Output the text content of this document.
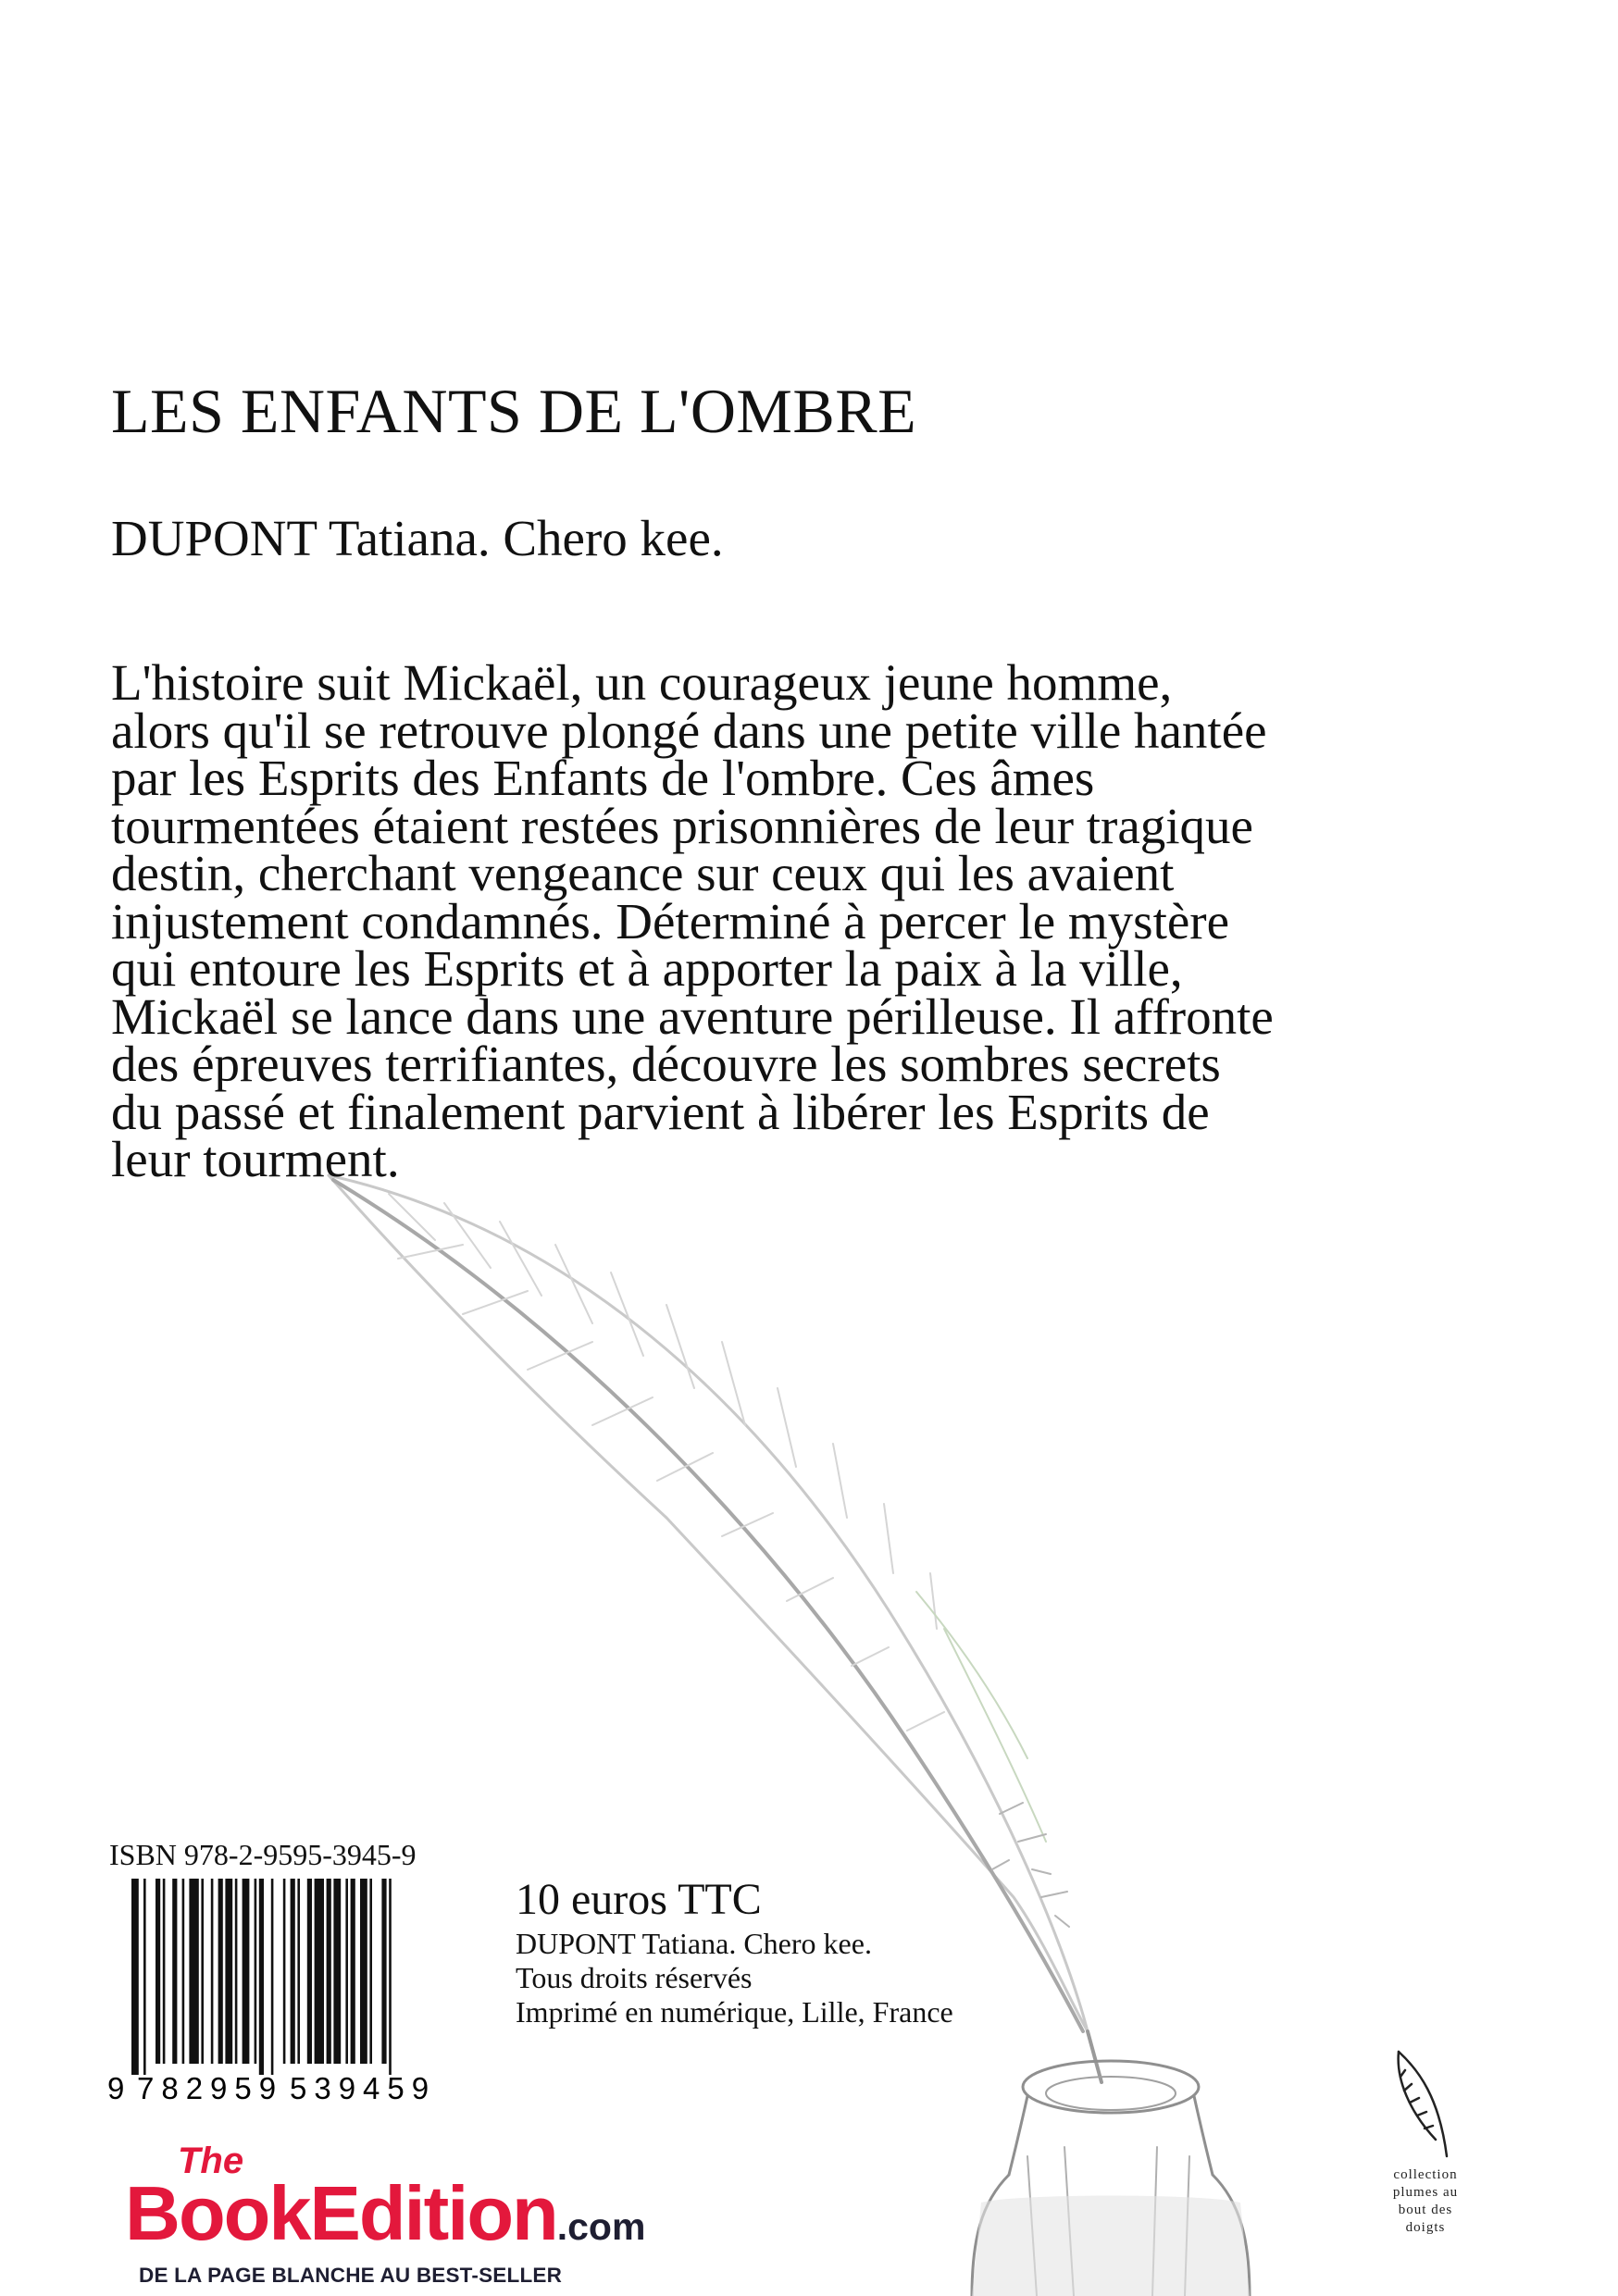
LES ENFANTS DE L'OMBRE
DUPONT Tatiana. Chero kee.

L'histoire suit Mickaël, un courageux jeune homme, alors qu'il se retrouve plongé dans une petite ville hantée par les Esprits des Enfants de l'ombre. Ces âmes tourmentées étaient restées prisonnières de leur tragique destin, cherchant vengeance sur ceux qui les avaient injustement condamnés. Déterminé à percer le mystère qui entoure les Esprits et à apporter la paix à la ville, Mickaël se lance dans une aventure périlleuse. Il affronte des épreuves terrifiantes, découvre les sombres secrets du passé et finalement parvient à libérer les Esprits de leur tourment.

ISBN 978-2-9595-3945-9
9 782959 539459
10 euros TTC
DUPONT Tatiana. Chero kee.
Tous droits réservés
Imprimé en numérique, Lille, France
The
BookEdition.com
DE LA PAGE BLANCHE AU BEST-SELLER
collection
plumes au
bout des
doigts
